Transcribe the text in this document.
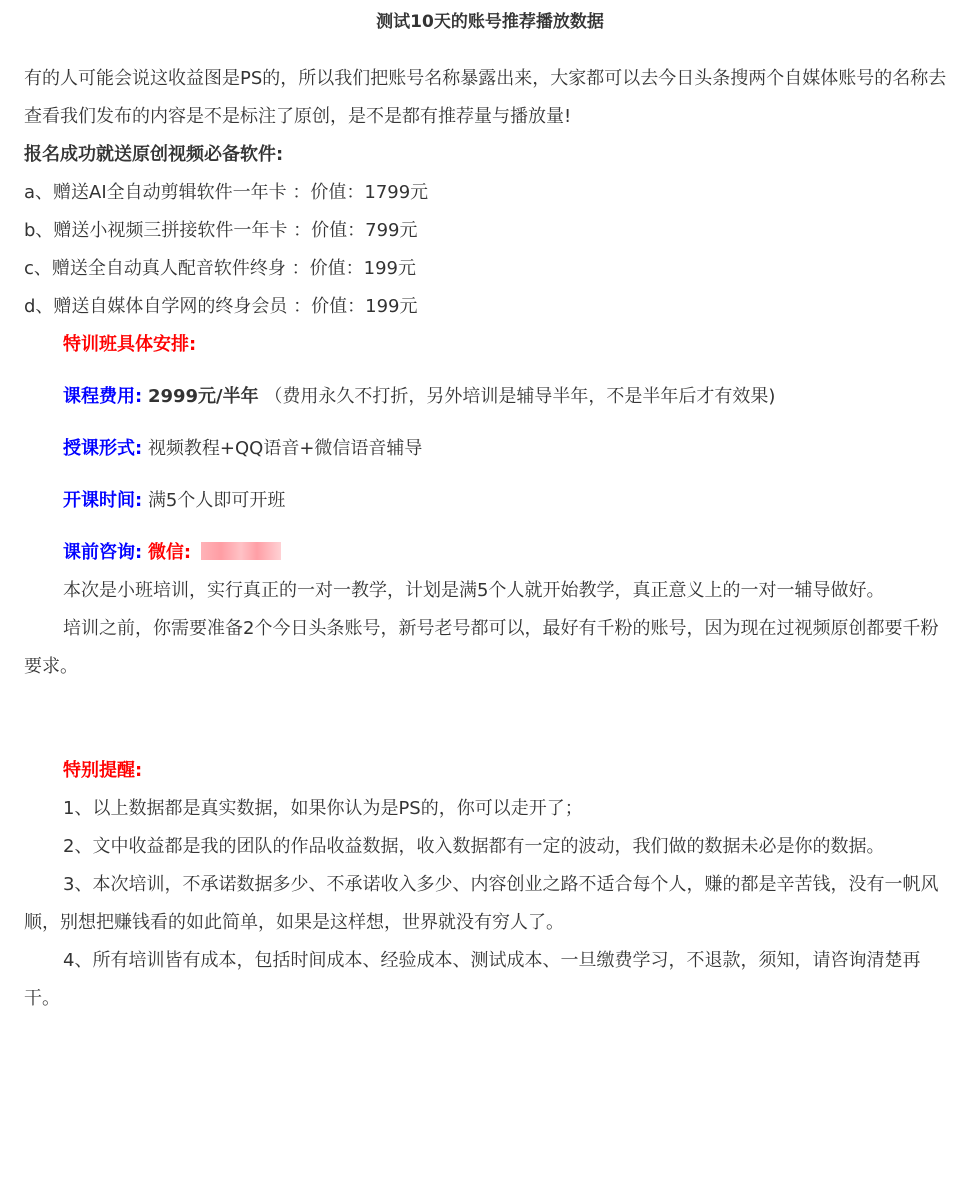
测试10天的账号推荐播放数据

有的人可能会说这收益图是PS的，所以我们把账号名称暴露出来，大家都可以去今日头条搜两个自媒体账号的名称去查看我们发布的内容是不是标注了原创，是不是都有推荐量与播放量!

报名成功就送原创视频必备软件:

a、赠送AI全自动剪辑软件一年卡 ：价值：1799元

b、赠送小视频三拼接软件一年卡 ：价值：799元

c、赠送全自动真人配音软件终身 ：价值：199元

d、赠送自媒体自学网的终身会员 ：价值：199元

特训班具体安排:

课程费用: 2999元/半年 （费用永久不打折，另外培训是辅导半年，不是半年后才有效果)

授课形式: 视频教程+QQ语音+微信语音辅导

开课时间: 满5个人即可开班

课前咨询: 微信:

本次是小班培训，实行真正的一对一教学，计划是满5个人就开始教学，真正意义上的一对一辅导做好。

培训之前，你需要准备2个今日头条账号，新号老号都可以，最好有千粉的账号，因为现在过视频原创都要千粉要求。

特别提醒:

1、以上数据都是真实数据，如果你认为是PS的，你可以走开了；

2、文中收益都是我的团队的作品收益数据，收入数据都有一定的波动，我们做的数据未必是你的数据。

3、本次培训，不承诺数据多少、不承诺收入多少、内容创业之路不适合每个人，赚的都是辛苦钱，没有一帆风顺，别想把赚钱看的如此简单，如果是这样想，世界就没有穷人了。

4、所有培训皆有成本，包括时间成本、经验成本、测试成本、一旦缴费学习，不退款，须知，请咨询清楚再干。
